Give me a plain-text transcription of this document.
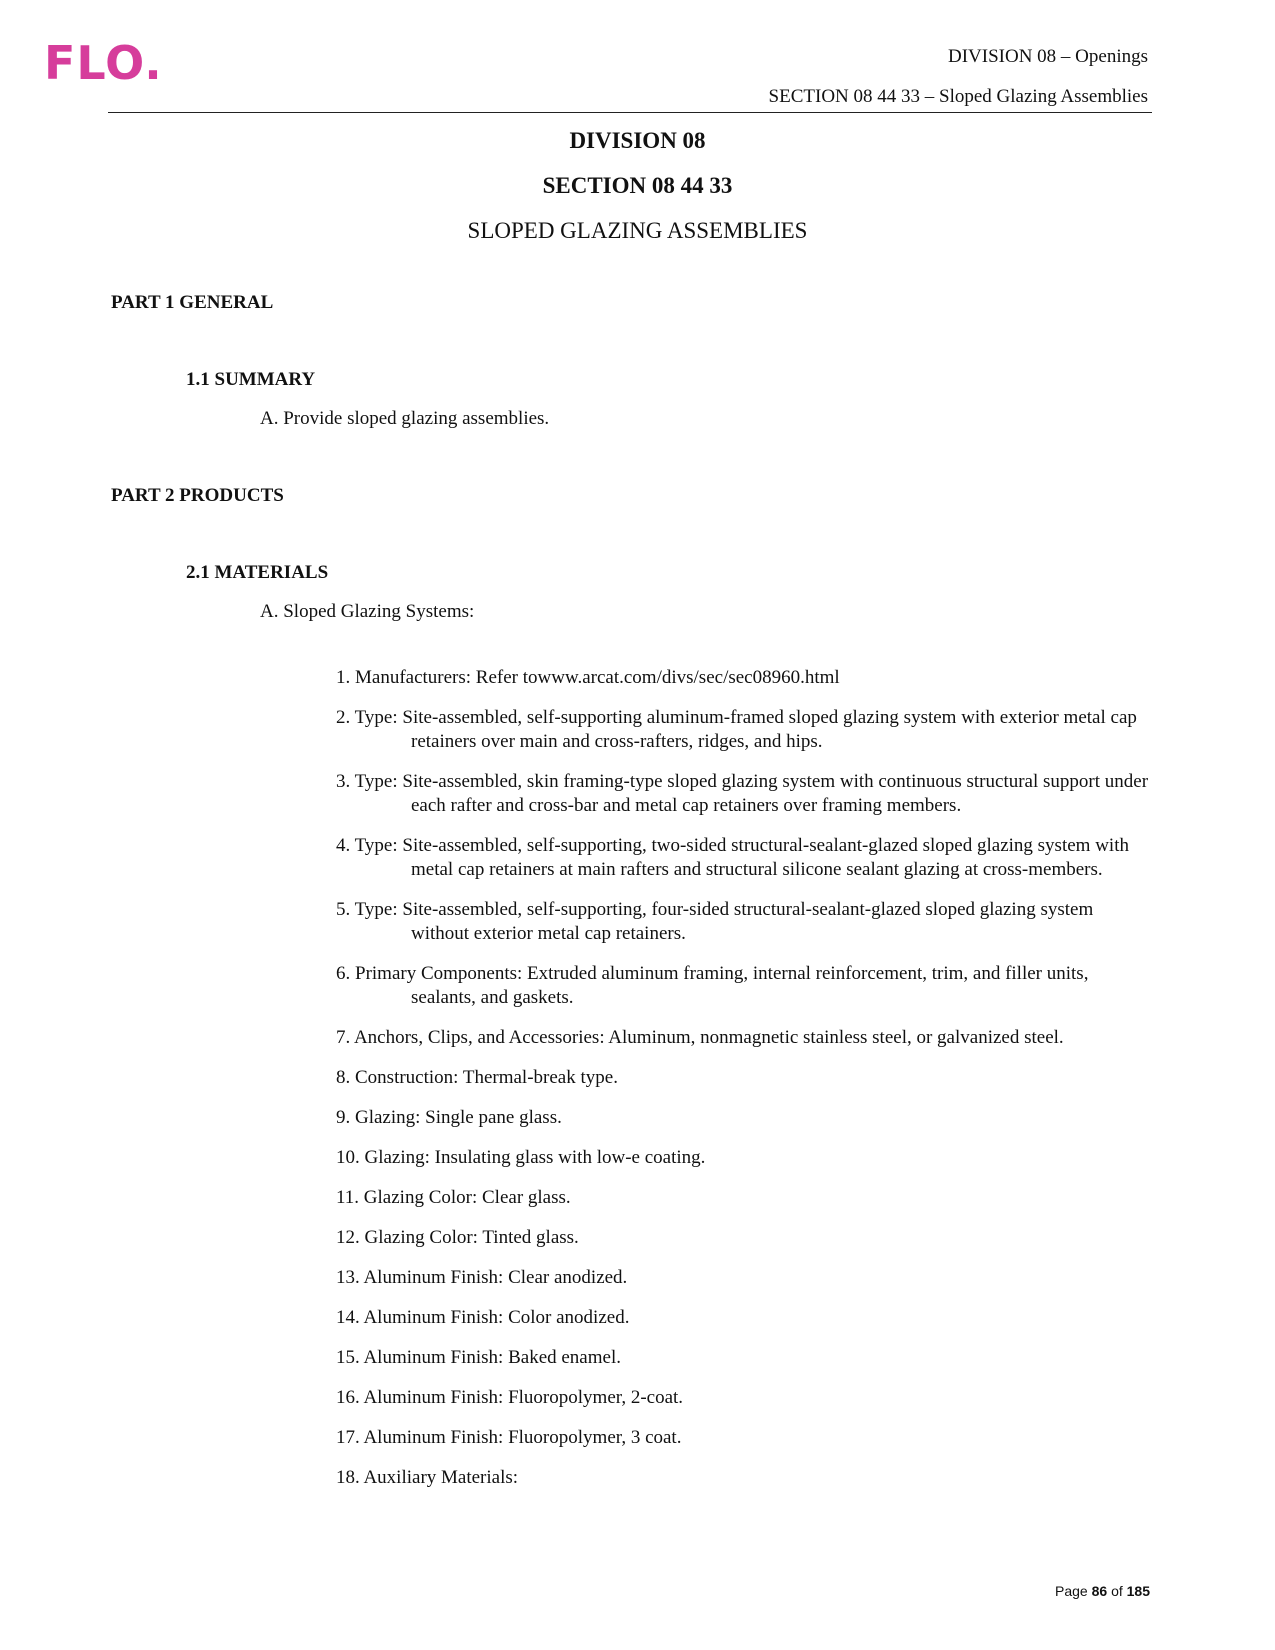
FLO.	DIVISION 08 – Openings
SECTION 08 44 33 – Sloped Glazing Assemblies
DIVISION 08
SECTION 08 44 33
SLOPED GLAZING ASSEMBLIES
PART 1 GENERAL
1.1 SUMMARY
A. Provide sloped glazing assemblies.
PART 2 PRODUCTS
2.1 MATERIALS
A. Sloped Glazing Systems:
1. Manufacturers: Refer towww.arcat.com/divs/sec/sec08960.html
2. Type: Site-assembled, self-supporting aluminum-framed sloped glazing system with exterior metal cap retainers over main and cross-rafters, ridges, and hips.
3. Type: Site-assembled, skin framing-type sloped glazing system with continuous structural support under each rafter and cross-bar and metal cap retainers over framing members.
4. Type: Site-assembled, self-supporting, two-sided structural-sealant-glazed sloped glazing system with metal cap retainers at main rafters and structural silicone sealant glazing at cross-members.
5. Type: Site-assembled, self-supporting, four-sided structural-sealant-glazed sloped glazing system without exterior metal cap retainers.
6. Primary Components: Extruded aluminum framing, internal reinforcement, trim, and filler units, sealants, and gaskets.
7. Anchors, Clips, and Accessories: Aluminum, nonmagnetic stainless steel, or galvanized steel.
8. Construction: Thermal-break type.
9. Glazing: Single pane glass.
10. Glazing: Insulating glass with low-e coating.
11. Glazing Color: Clear glass.
12. Glazing Color: Tinted glass.
13. Aluminum Finish: Clear anodized.
14. Aluminum Finish: Color anodized.
15. Aluminum Finish: Baked enamel.
16. Aluminum Finish: Fluoropolymer, 2-coat.
17. Aluminum Finish: Fluoropolymer, 3 coat.
18. Auxiliary Materials:
Page 86 of 185
